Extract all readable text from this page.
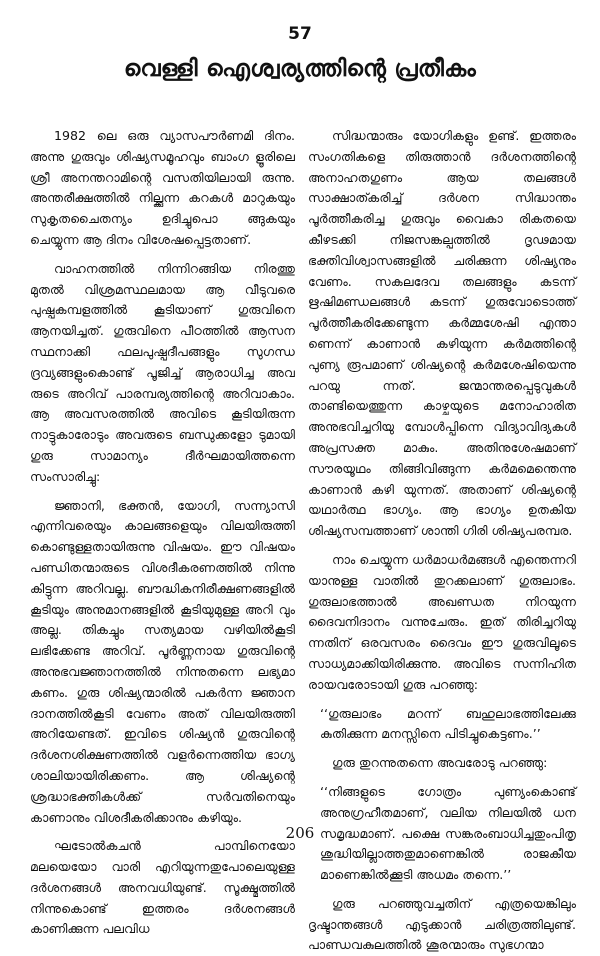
57
വെള്ളി ഐശ്വര്യത്തിന്റെ പ്രതീകം

1982 ലെ ഒരു വ്യാസപൗർണമി ദിനം. അന്നു ഗുരുവും ശിഷ്യസമൂഹവും ബാംഗ ളൂരിലെ ശ്രീ അനന്തറാമിന്റെ വസതിയിലായി രുന്നു. അന്തരീക്ഷത്തിൽ നില്ക്കുന്ന കറകൾ മാറുകയും സുകൃതചൈതന്യം ഉദിച്ചുപൊ ങ്ങുകയും ചെയ്യുന്ന ആ ദിനം വിശേഷപ്പെട്ടതാണ്.

വാഹനത്തിൽ നിന്നിറങ്ങിയ നിരത്തു മുതൽ വിശ്രമസ്ഥലമായ ആ വീടുവരെ പുഷ്പകമ്പളത്തിൽ കൂടിയാണ് ഗുരുവിനെ ആനയിച്ചത്. ഗുരുവിനെ പീഠത്തിൽ ആസന സ്ഥനാക്കി ഫലപുഷ്പദീപങ്ങളും സുഗന്ധ ദ്രവ്യങ്ങളുംകൊണ്ട് പൂജിച്ച് ആരാധിച്ച അവ രുടെ അറിവ് പാരമ്പര്യത്തിന്റെ അറിവാകാം. ആ അവസരത്തിൽ അവിടെ കൂടിയിരുന്ന നാട്ടുകാരോടും അവരുടെ ബന്ധുക്കളോ ടുമായി ഗുരു സാമാന്യം ദീർഘമായിത്തന്നെ സംസാരിച്ചു:

ജ്ഞാനി, ഭക്തൻ, യോഗി, സന്ന്യാസി എന്നിവരെയും കാലങ്ങളെയും വിലയിരുത്തി കൊണ്ടുള്ളതായിരുന്നു വിഷയം. ഈ വിഷയം പണ്ഡിതന്മാരുടെ വിശദീകരണത്തിൽ നിന്നു കിട്ടുന്ന അറിവല്ല. ബൗദ്ധികനിരീക്ഷണങ്ങളിൽ കൂടിയും അനുമാനങ്ങളിൽ കൂടിയുമുള്ള അറി വും അല്ല. തികച്ചും സത്യമായ വഴിയിൽകൂടി ലഭിക്കേണ്ട അറിവ്. പൂർണ്ണനായ ഗുരുവിന്റെ അനുഭവജ്ഞാനത്തിൽ നിന്നുതന്നെ ലഭ്യമാ കണം. ഗുരു ശിഷ്യന്മാരിൽ പകർന്ന ജ്ഞാന ദാനത്തിൽകൂടി വേണം അത് വിലയിരുത്തി അറിയേണ്ടത്. ഇവിടെ ശിഷ്യൻ ഗുരുവിന്റെ ദർശനശിക്ഷണത്തിൽ വളർന്നെത്തിയ ഭാഗ്യ ശാലിയായിരിക്കണം. ആ ശിഷ്യന്റെ ശ്രദ്ധാഭക്തികൾക്ക് സർവതിനെയും കാണാനും വിശദീകരിക്കാനും കഴിയും.

ഘടോൽകചൻ പാമ്പിനെയോ മലയെയോ വാരി എറിയുന്നതുപോലെയുള്ള ദർശനങ്ങൾ അനവധിയുണ്ട്. സൂക്ഷ്മത്തിൽ നിന്നുകൊണ്ട് ഇത്തരം ദർശനങ്ങൾ കാണിക്കുന്ന പലവിധ

സിദ്ധന്മാരും യോഗികളും ഉണ്ട്. ഇത്തരം സംഗതികളെ തിരുത്താൻ ദർശനത്തിന്റെ അനാഹതഗുണം ആയ തലങ്ങൾ സാക്ഷാത്കരിച്ച് ദർശന സിദ്ധാന്തം പൂർത്തീകരിച്ച ഗുരുവും വൈകാ രികതയെ കീഴടക്കി നിജസങ്കല്പത്തിൽ ദൃഢമായ ഭക്തിവിശ്വാസങ്ങളിൽ ചരിക്കുന്ന ശിഷ്യനും വേണം. സകലദേവ തലങ്ങളും കടന്ന് ഋഷിമണ്ഡലങ്ങൾ കടന്ന് ഗുരുവോടൊത്ത് പൂർത്തീകരിക്കേണ്ടുന്ന കർമ്മശേഷി എന്താ ണെന്ന് കാണാൻ കഴിയുന്ന കർമത്തിന്റെ പുണ്യ രൂപമാണ് ശിഷ്യന്റെ കർമശേഷിയെന്നു പറയു ന്നത്. ജന്മാന്തരപ്പെടുവുകൾ താണ്ടിയെത്തുന്ന കാഴ്ചയുടെ മനോഹാരിത അനുഭവിച്ചറിയു മ്പോൾപ്പിന്നെ വിദ്യാവിദ്യകൾ അപ്രസക്ത മാകും. അതിനുശേഷമാണ് സൗരയൂഥം തിങ്ങിവിങ്ങുന്ന കർമമെന്തെന്നു കാണാൻ കഴി യുന്നത്. അതാണ് ശിഷ്യന്റെ യഥാർത്ഥ ഭാഗ്യം. ആ ഭാഗ്യം ഉതകിയ ശിഷ്യസമ്പത്താണ് ശാന്തി ഗിരി ശിഷ്യപരമ്പര.

നാം ചെയ്യുന്ന ധർമാധർമങ്ങൾ എന്തെന്നറി യാനുള്ള വാതിൽ തുറക്കലാണ് ഗുരുലാഭം. ഗുരുലാഭത്താൽ അഖണ്ഡത നിറയുന്ന ദൈവനിദാനം വന്നുചേരും. ഇത് തിരിച്ചറിയു ന്നതിന് ഒരവസരം ദൈവം ഈ ഗുരുവിലൂടെ സാധ്യമാക്കിയിരിക്കുന്നു. അവിടെ സന്നിഹിത രായവരോടായി ഗുരു പറഞ്ഞു:

‘‘ഗുരുലാഭം മറന്ന് ബഹുലാഭത്തിലേക്കു കുതിക്കുന്ന മനസ്സിനെ പിടിച്ചുകെട്ടണം.’’

ഗുരു തുറന്നുതന്നെ അവരോടു പറഞ്ഞു:

‘‘നിങ്ങളുടെ ഗോത്രം പുണ്യംകൊണ്ട് അനുഗ്രഹീതമാണ്, വലിയ നിലയിൽ ധന സമൃദ്ധമാണ്. പക്ഷെ സങ്കരംബാധിച്ചതുംപിതൃ ശുദ്ധിയില്ലാത്തതുമാണെങ്കിൽ രാജകീയ മാണെങ്കിൽക്കൂടി അധമം തന്നെ.’’

ഗുരു പറഞ്ഞുവച്ചതിന് എത്രയെങ്കിലും ദൃഷ്ടാന്തങ്ങൾ എടുക്കാൻ ചരിത്രത്തിലുണ്ട്. പാണ്ഡവകുലത്തിൽ ശൂരന്മാരും സുഭഗന്മാ

206
